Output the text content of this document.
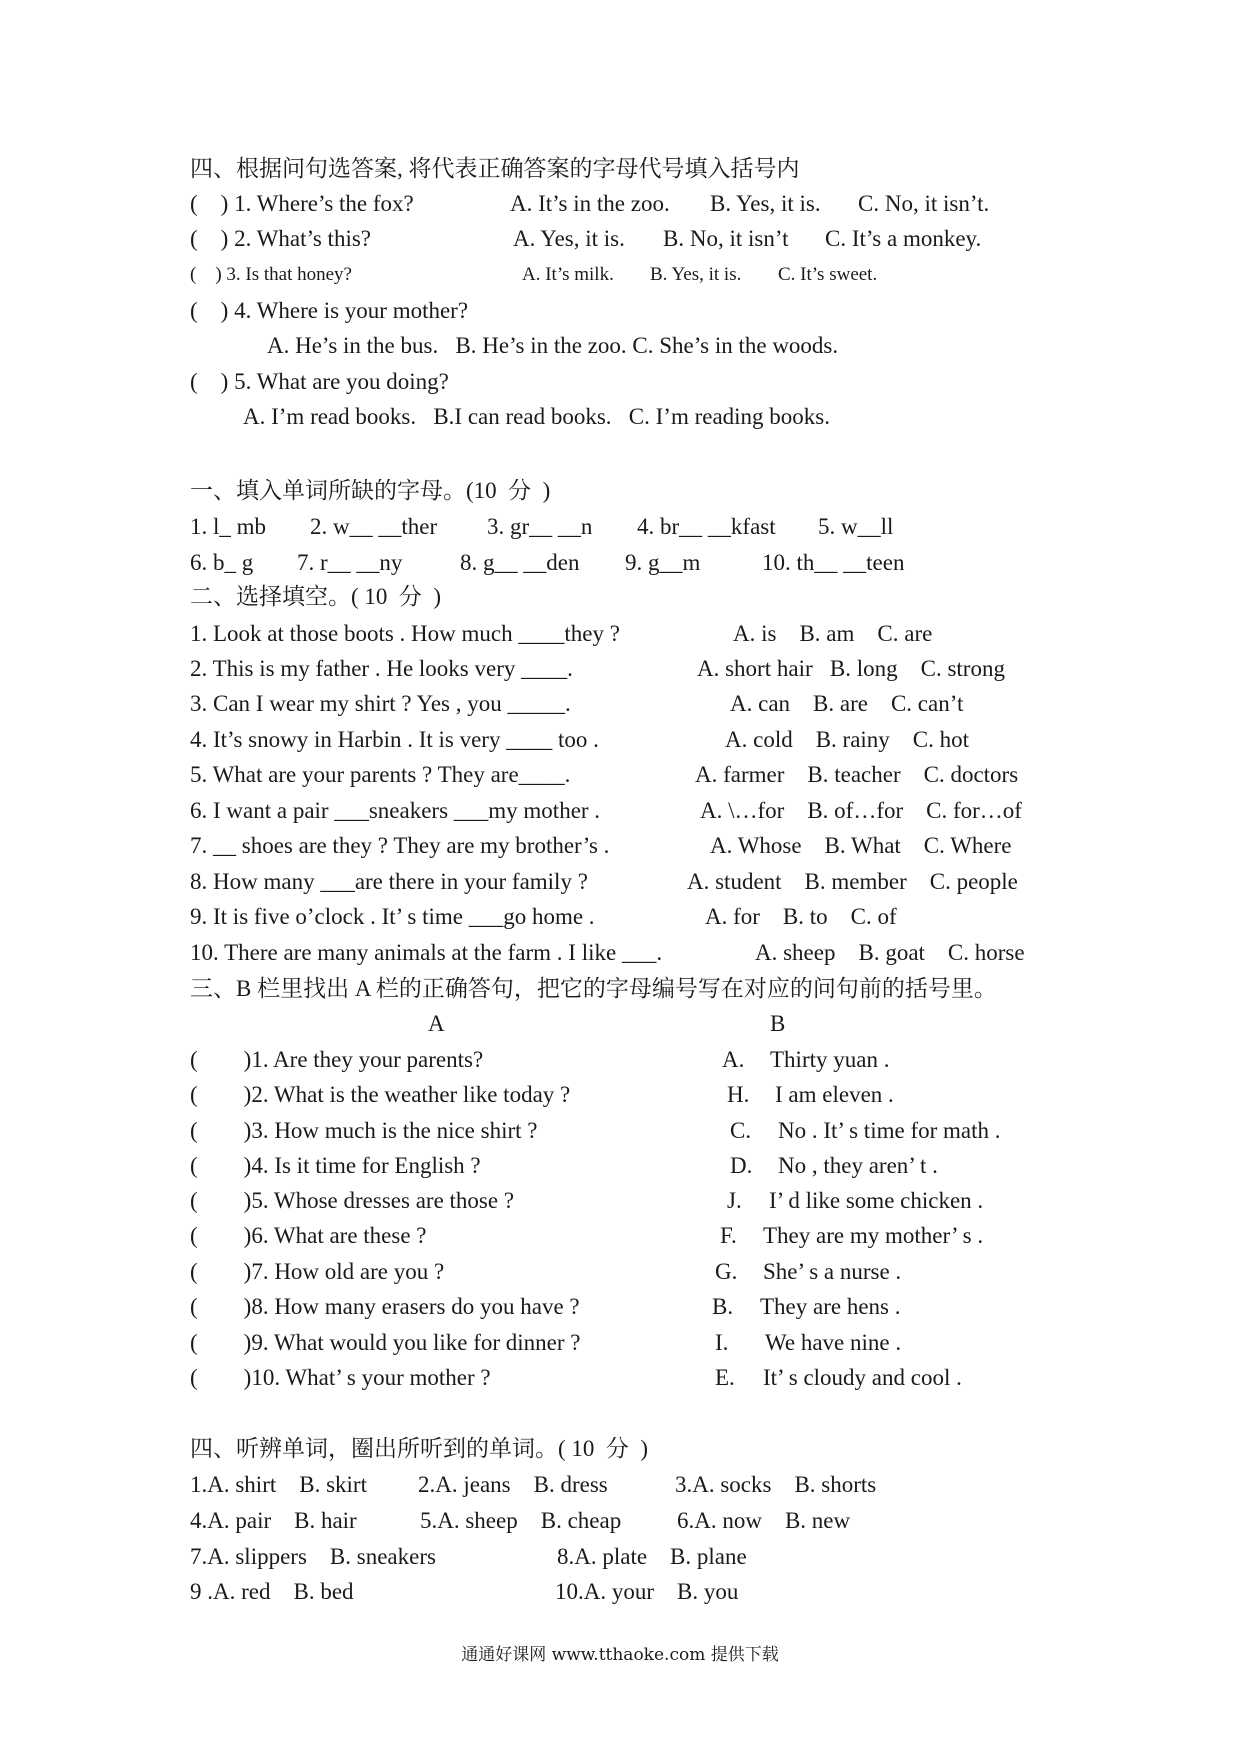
四、根据问句选答案, 将代表正确答案的字母代号填入括号内
(    ) 1. Where’s the fox?	A. It’s in the zoo. B. Yes, it is. C. No, it isn’t.
(    ) 2. What’s this?	A. Yes, it is. B. No, it isn’t C. It’s a monkey.
(    ) 3. Is that honey?	A. It’s milk. B. Yes, it is. C. It’s sweet.
(    ) 4. Where is your mother?
A. He’s in the bus.   B. He’s in the zoo. C. She’s in the woods.
(    ) 5. What are you doing?
A. I’m read books.   B.I can read books.   C. I’m reading books.
一、填入单词所缺的字母。(10  分  )
1. l_ mb 2. w__ __ther 3. gr__ __n 4. br__ __kfast 5. w__ll
6. b_ g 7. r__ __ny	8. g__ __den 9. g__m	10. th__ __teen
二、选择填空。( 10  分  )
1. Look at those boots . How much ____they ?	A. is    B. am    C. are
2. This is my father . He looks very ____.	A. short hair   B. long    C. strong
3. Can I wear my shirt ? Yes , you _____.	A. can    B. are    C. can’t
4. It’s snowy in Harbin . It is very ____ too .	A. cold    B. rainy    C. hot
5. What are your parents ? They are____.	A. farmer    B. teacher    C. doctors
6. I want a pair ___sneakers ___my mother .	A. \…for    B. of…for    C. for…of
7. __ shoes are they ? They are my brother’s .	A. Whose    B. What    C. Where
8. How many ___are there in your family ?	A. student    B. member    C. people
9. It is five o’clock . It’ s time ___go home .	A. for    B. to    C. of
10. There are many animals at the farm . I like ___.	A. sheep    B. goat    C. horse
三、B 栏里找出 A 栏的正确答句，把它的字母编号写在对应的问句前的括号里。
A	B
(        )1. Are they your parents?	A. Thirty yuan .
(        )2. What is the weather like today ?	H. I am eleven .
(        )3. How much is the nice shirt ?	C. No . It’ s time for math .
(        )4. Is it time for English ?	D. No , they aren’ t .
(        )5. Whose dresses are those ?	J. I’ d like some chicken .
(        )6. What are these ?	F. They are my mother’ s .
(        )7. How old are you ?	G. She’ s a nurse .
(        )8. How many erasers do you have ?	B. They are hens .
(        )9. What would you like for dinner ?	I. We have nine .
(        )10. What’ s your mother ?	E. It’ s cloudy and cool .
四、听辨单词，圈出所听到的单词。( 10  分  )
1.A. shirt    B. skirt 2.A. jeans    B. dress	3.A. socks    B. shorts
4.A. pair    B. hair	5.A. sheep    B. cheap 6.A. now    B. new
7.A. slippers    B. sneakers	8.A. plate    B. plane
9 .A. red    B. bed	10.A. your    B. you
通通好课网 www.tthaoke.com 提供下载
